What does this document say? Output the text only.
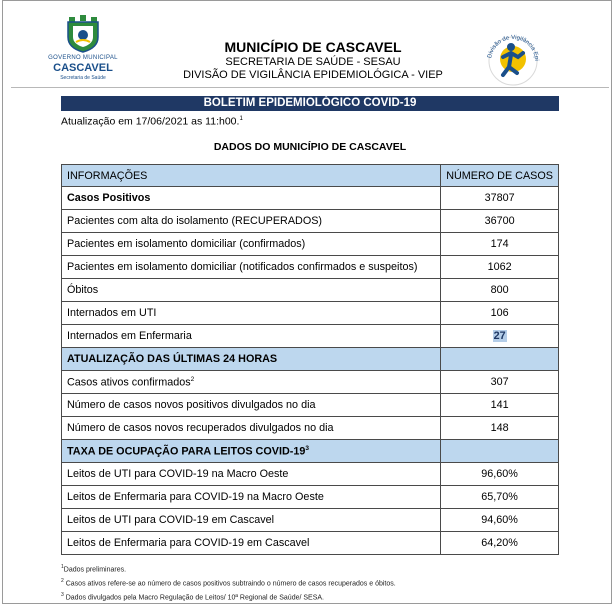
GOVERNO MUNICIPAL
CASCAVEL
Secretaria de Saúde
MUNICÍPIO DE CASCAVEL
SECRETARIA DE SAÚDE - SESAU
DIVISÃO DE VIGILÂNCIA EPIDEMIOLÓGICA - VIEP
Divisão de Vigilância Epi
BOLETIM EPIDEMIOLÓGICO COVID-19
Atualização em 17/06/2021 as 11:h00.$^1$
DADOS DO MUNICÍPIO DE CASCAVEL
INFORMAÇÕES	NÚMERO DE CASOS
Casos Positivos	37807
Pacientes com alta do isolamento (RECUPERADOS)	36700
Pacientes em isolamento domiciliar (confirmados)	174
Pacientes em isolamento domiciliar (notificados confirmados e suspeitos)	1062
Óbitos	800
Internados em UTI	106
Internados em Enfermaria	27
ATUALIZAÇÃO DAS ÚLTIMAS 24 HORAS	
Casos ativos confirmados$^2$	307
Número de casos novos positivos divulgados no dia	141
Número de casos novos recuperados divulgados no dia	148
TAXA DE OCUPAÇÃO PARA LEITOS COVID-$19^3$	
Leitos de UTI para COVID-19 na Macro Oeste	96,60%
Leitos de Enfermaria para COVID-19 na Macro Oeste	65,70%
Leitos de UTI para COVID-19 em Cascavel	94,60%
Leitos de Enfermaria para COVID-19 em Cascavel	64,20%
$^1$Dados preliminares.
$^2$ Casos ativos refere-se ao número de casos positivos subtraindo o número de casos recuperados e óbitos.
$^3$ Dados divulgados pela Macro Regulação de Leitos/ 10ª Regional de Saúde/ SESA.
